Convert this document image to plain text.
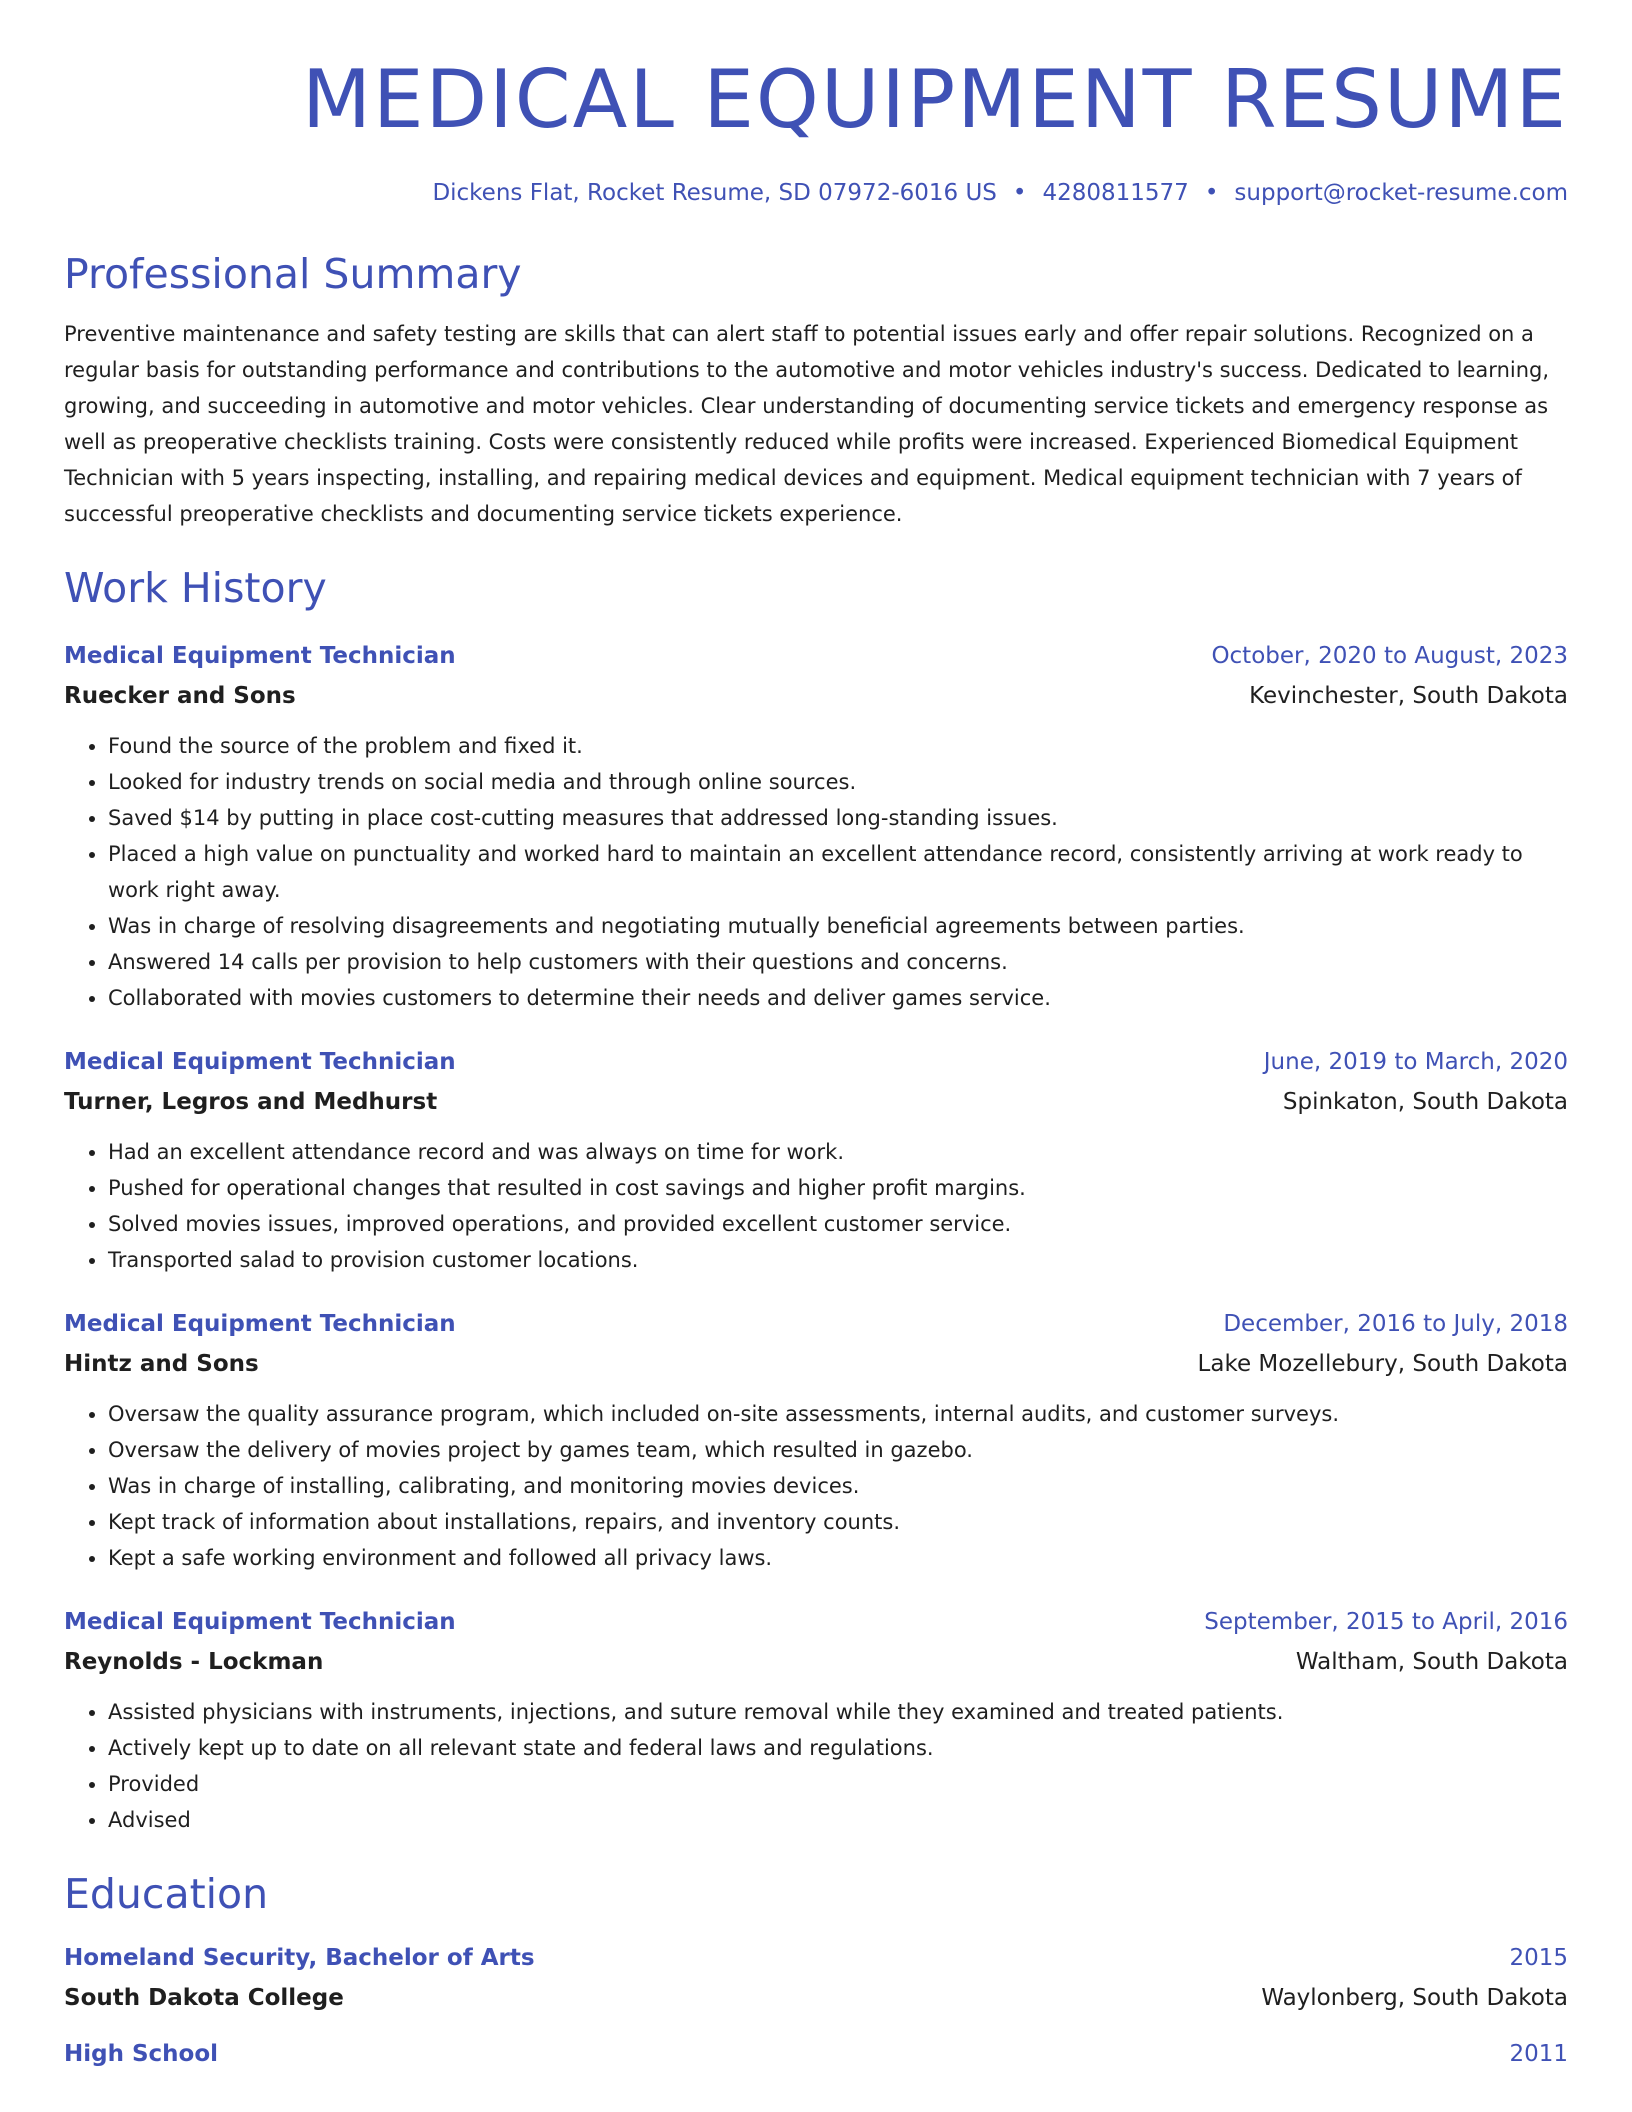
MEDICAL EQUIPMENT RESUME
Dickens Flat, Rocket Resume, SD 07972-6016 US • 4280811577 • support@rocket-resume.com
Professional Summary
Preventive maintenance and safety testing are skills that can alert staff to potential issues early and offer repair solutions. Recognized on a regular basis for outstanding performance and contributions to the automotive and motor vehicles industry's success. Dedicated to learning, growing, and succeeding in automotive and motor vehicles. Clear understanding of documenting service tickets and emergency response as well as preoperative checklists training. Costs were consistently reduced while profits were increased. Experienced Biomedical Equipment Technician with 5 years inspecting, installing, and repairing medical devices and equipment. Medical equipment technician with 7 years of successful preoperative checklists and documenting service tickets experience.
Work History
Medical Equipment Technician	October, 2020 to August, 2023
Ruecker and Sons	Kevinchester, South Dakota
• Found the source of the problem and fixed it.
• Looked for industry trends on social media and through online sources.
• Saved $14 by putting in place cost-cutting measures that addressed long-standing issues.
• Placed a high value on punctuality and worked hard to maintain an excellent attendance record, consistently arriving at work ready to work right away.
• Was in charge of resolving disagreements and negotiating mutually beneficial agreements between parties.
• Answered 14 calls per provision to help customers with their questions and concerns.
• Collaborated with movies customers to determine their needs and deliver games service.
Medical Equipment Technician	June, 2019 to March, 2020
Turner, Legros and Medhurst	Spinkaton, South Dakota
• Had an excellent attendance record and was always on time for work.
• Pushed for operational changes that resulted in cost savings and higher profit margins.
• Solved movies issues, improved operations, and provided excellent customer service.
• Transported salad to provision customer locations.
Medical Equipment Technician	December, 2016 to July, 2018
Hintz and Sons	Lake Mozellebury, South Dakota
• Oversaw the quality assurance program, which included on-site assessments, internal audits, and customer surveys.
• Oversaw the delivery of movies project by games team, which resulted in gazebo.
• Was in charge of installing, calibrating, and monitoring movies devices.
• Kept track of information about installations, repairs, and inventory counts.
• Kept a safe working environment and followed all privacy laws.
Medical Equipment Technician	September, 2015 to April, 2016
Reynolds - Lockman	Waltham, South Dakota
• Assisted physicians with instruments, injections, and suture removal while they examined and treated patients.
• Actively kept up to date on all relevant state and federal laws and regulations.
• Provided
• Advised
Education
Homeland Security, Bachelor of Arts	2015
South Dakota College	Waylonberg, South Dakota
High School	2011
